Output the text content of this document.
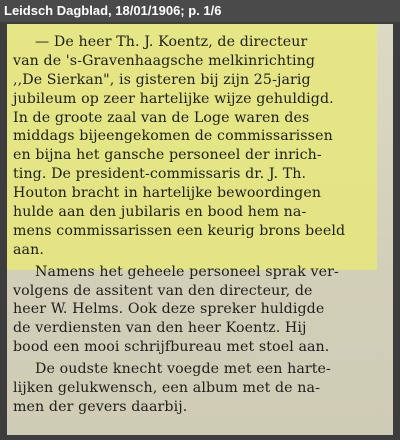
Leidsch Dagblad, 18/01/1906; p. 1/6
— De heer Th. J. Koentz, de directeur
van de 's-Gravenhaagsche melkinrichting
,,De Sierkan", is gisteren bij zijn 25-jarig
jubileum op zeer hartelijke wijze gehuldigd.
In de groote zaal van de Loge waren des
middags bijeengekomen de commissarissen
en bijna het gansche personeel der inrich-
ting. De president-commissaris dr. J. Th.
Houton bracht in hartelijke bewoordingen
hulde aan den jubilaris en bood hem na-
mens commissarissen een keurig brons beeld
aan.
Namens het geheele personeel sprak ver-
volgens de assitent van den directeur, de
heer W. Helms. Ook deze spreker huldigde
de verdiensten van den heer Koentz. Hij
bood een mooi schrijfbureau met stoel aan.
De oudste knecht voegde met een harte-
lijken gelukwensch, een album met de na-
men der gevers daarbij.
